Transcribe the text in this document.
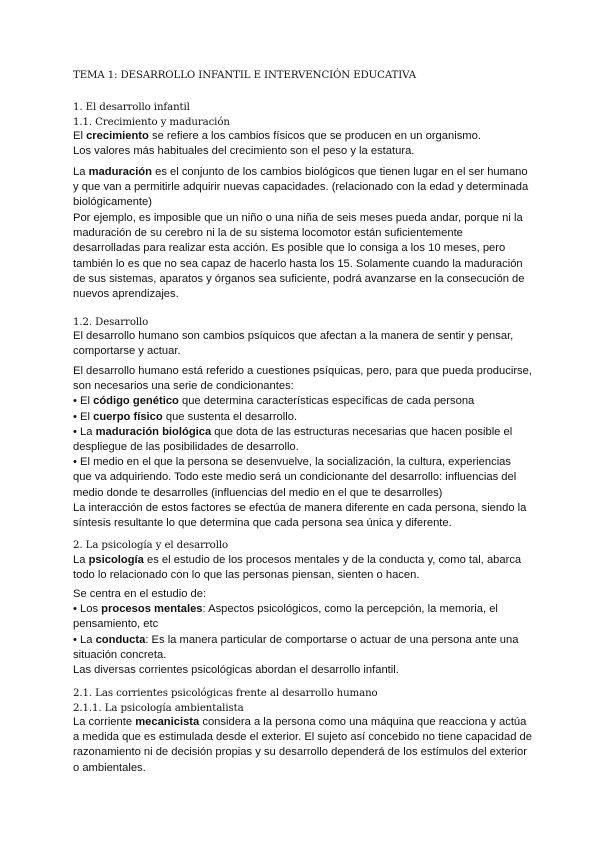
TEMA 1: DESARROLLO INFANTIL E INTERVENCIÓN EDUCATIVA
1. El desarrollo infantil
1.1. Crecimiento y maduración

El crecimiento se refiere a los cambios físicos que se producen en un organismo.

Los valores más habituales del crecimiento son el peso y la estatura.

La maduración es el conjunto de los cambios biológicos que tienen lugar en el ser humano

y que van a permitirle adquirir nuevas capacidades. (relacionado con la edad y determinada

biológicamente)

Por ejemplo, es imposible que un niño o una niña de seis meses pueda andar, porque ni la

maduración de su cerebro ni la de su sistema locomotor están suficientemente

desarrolladas para realizar esta acción. Es posible que lo consiga a los 10 meses, pero

también lo es que no sea capaz de hacerlo hasta los 15. Solamente cuando la maduración

de sus sistemas, aparatos y órganos sea suficiente, podrá avanzarse en la consecución de

nuevos aprendizajes.

1.2. Desarrollo

El desarrollo humano son cambios psíquicos que afectan a la manera de sentir y pensar,

comportarse y actuar.

El desarrollo humano está referido a cuestiones psíquicas, pero, para que pueda producirse,

son necesarios una serie de condicionantes:

• El código genético que determina características específicas de cada persona

• El cuerpo físico que sustenta el desarrollo.

• La maduración biológica que dota de las estructuras necesarias que hacen posible el

despliegue de las posibilidades de desarrollo.

• El medio en el que la persona se desenvuelve, la socialización, la cultura, experiencias

que va adquiriendo. Todo este medio será un condicionante del desarrollo: influencias del

medio donde te desarrolles (influencias del medio en el que te desarrolles)

La interacción de estos factores se efectúa de manera diferente en cada persona, siendo la

síntesis resultante lo que determina que cada persona sea única y diferente.

2. La psicología y el desarrollo

La psicología es el estudio de los procesos mentales y de la conducta y, como tal, abarca

todo lo relacionado con lo que las personas piensan, sienten o hacen.

Se centra en el estudio de:

• Los procesos mentales: Aspectos psicológicos, como la percepción, la memoria, el

pensamiento, etc

• La conducta: Es la manera particular de comportarse o actuar de una persona ante una

situación concreta.

Las diversas corrientes psicológicas abordan el desarrollo infantil.

2.1. Las corrientes psicológicas frente al desarrollo humano
2.1.1. La psicología ambientalista

La corriente mecanicista considera a la persona como una máquina que reacciona y actúa

a medida que es estimulada desde el exterior. El sujeto así concebido no tiene capacidad de

razonamiento ni de decisión propias y su desarrollo dependerá de los estímulos del exterior

o ambientales.
